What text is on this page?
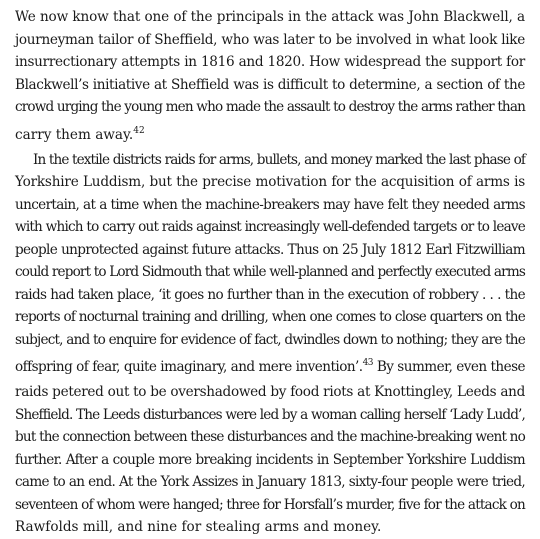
We now know that one of the principals in the attack was John Blackwell, a
journeyman tailor of Sheffield, who was later to be involved in what look like
insurrectionary attempts in 1816 and 1820. How widespread the support for
Blackwell’s initiative at Sheffield was is difficult to determine, a section of the
crowd urging the young men who made the assault to destroy the arms rather than
carry them away.$^{42}$
In the textile districts raids for arms, bullets, and money marked the last phase of
Yorkshire Luddism, but the precise motivation for the acquisition of arms is
uncertain, at a time when the machine-breakers may have felt they needed arms
with which to carry out raids against increasingly well-defended targets or to leave
people unprotected against future attacks. Thus on 25 July 1812 Earl Fitzwilliam
could report to Lord Sidmouth that while well-planned and perfectly executed arms
raids had taken place, ‘it goes no further than in the execution of robbery . . . the
reports of nocturnal training and drilling, when one comes to close quarters on the
subject, and to enquire for evidence of fact, dwindles down to nothing; they are the
offspring of fear, quite imaginary, and mere invention’.$^{43}$ By summer, even these
raids petered out to be overshadowed by food riots at Knottingley, Leeds and
Sheffield. The Leeds disturbances were led by a woman calling herself ‘Lady Ludd’,
but the connection between these disturbances and the machine-breaking went no
further. After a couple more breaking incidents in September Yorkshire Luddism
came to an end. At the York Assizes in January 1813, sixty-four people were tried,
seventeen of whom were hanged; three for Horsfall’s murder, five for the attack on
Rawfolds mill, and nine for stealing arms and money.
